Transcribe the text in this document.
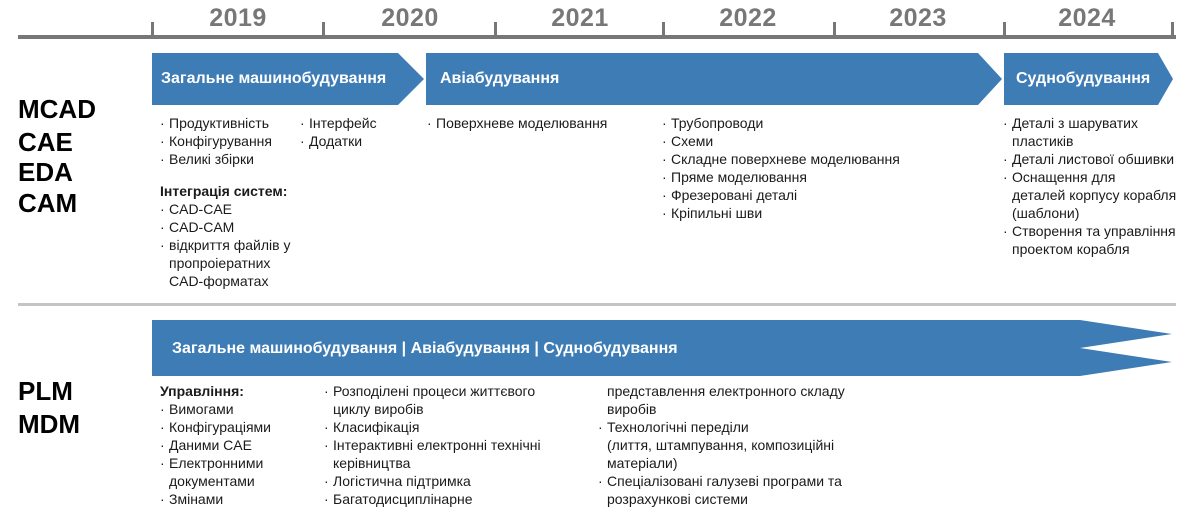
2019	2020	2021	2022	2023	2024
Загальне машинобудування	Авіабудування	Суднобудування
Загальне машинобудування | Авіабудування | Суднобудування
MCAD
CAE
EDA
CAM
PLM
MDM
· Продуктивність
· Конфігурування
· Великі збірки
Інтеграція систем:
· CAD-CAE
· CAD-CAM
· відкриття файлів у
пропроіератних
CAD-форматах
· Інтерфейс
· Додатки
· Поверхневе моделювання
·	Трубопроводи
· Схеми
· Складне поверхневе моделювання
· Пряме моделювання
· Фрезеровані деталі
· Кріпильні шви
· Деталі з шаруватих
пластиків
· Деталі листової обшивки
· Оснащення для
деталей корпусу корабля
(шаблони)
· Створення та управління
проектом корабля
Управління:
· Вимогами
· Конфігураціями
· Даними CAE
· Електронними
документами
· Змінами
· Розподілені процеси життєвого
циклу виробів
· Класифікація
· Інтерактивні електронні технічні
керівництва
· Логістична підтримка
· Багатодисциплінарне
представлення електронного складу
виробів
· Технологічні переділи
(лиття, штампування, композиційні
матеріали)
· Спеціалізовані галузеві програми та
розрахункові системи
